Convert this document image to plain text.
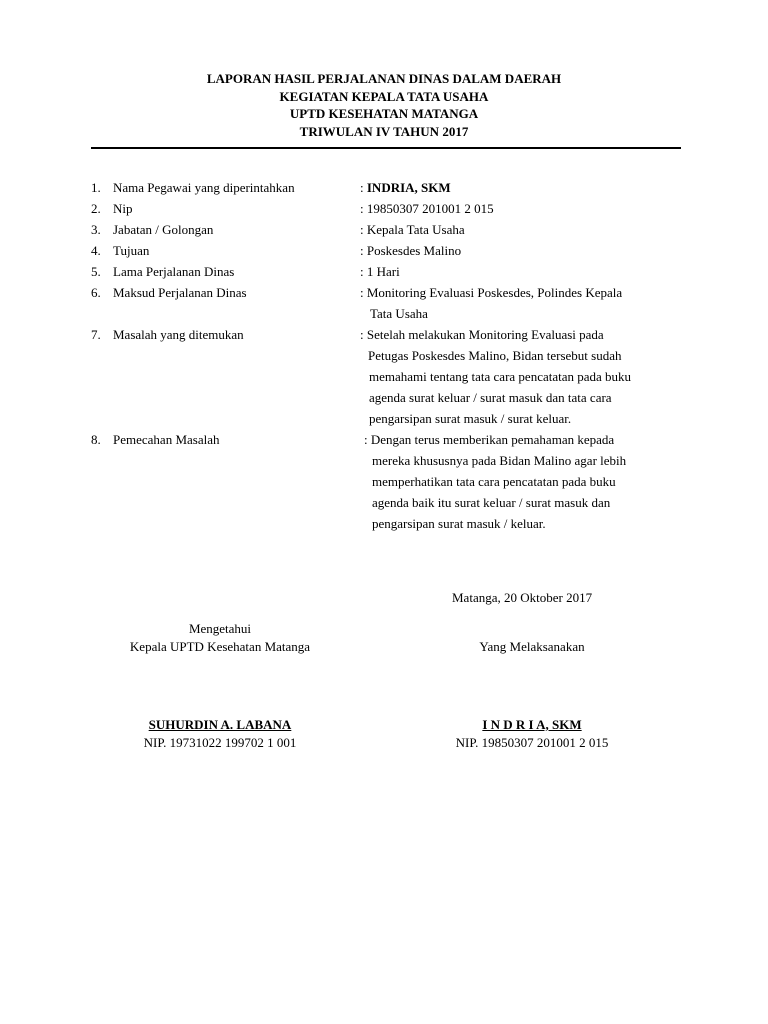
LAPORAN HASIL PERJALANAN DINAS DALAM DAERAH
KEGIATAN KEPALA TATA USAHA
UPTD KESEHATAN MATANGA
TRIWULAN IV TAHUN 2017
1. Nama Pegawai yang diperintahkan	: INDRIA, SKM
2. Nip	: 19850307 201001 2 015
3. Jabatan / Golongan	: Kepala Tata Usaha
4. Tujuan	: Poskesdes Malino
5. Lama Perjalanan Dinas	: 1 Hari
6. Maksud Perjalanan Dinas	: Monitoring Evaluasi Poskesdes, Polindes Kepala
Tata Usaha
7. Masalah yang ditemukan	: Setelah melakukan Monitoring Evaluasi pada
Petugas Poskesdes Malino, Bidan tersebut sudah
memahami tentang tata cara pencatatan pada buku
agenda surat keluar / surat masuk dan tata cara
pengarsipan surat masuk / surat keluar.
8. Pemecahan Masalah	: Dengan terus memberikan pemahaman kepada
mereka khususnya pada Bidan Malino agar lebih
memperhatikan tata cara pencatatan pada buku
agenda baik itu surat keluar / surat masuk dan
pengarsipan surat masuk / keluar.
Matanga, 20 Oktober 2017
Mengetahui
Kepala UPTD Kesehatan Matanga
SUHURDIN A. LABANA
NIP. 19731022 199702 1 001
Yang Melaksanakan
I N D R I A, SKM
NIP. 19850307 201001 2 015
